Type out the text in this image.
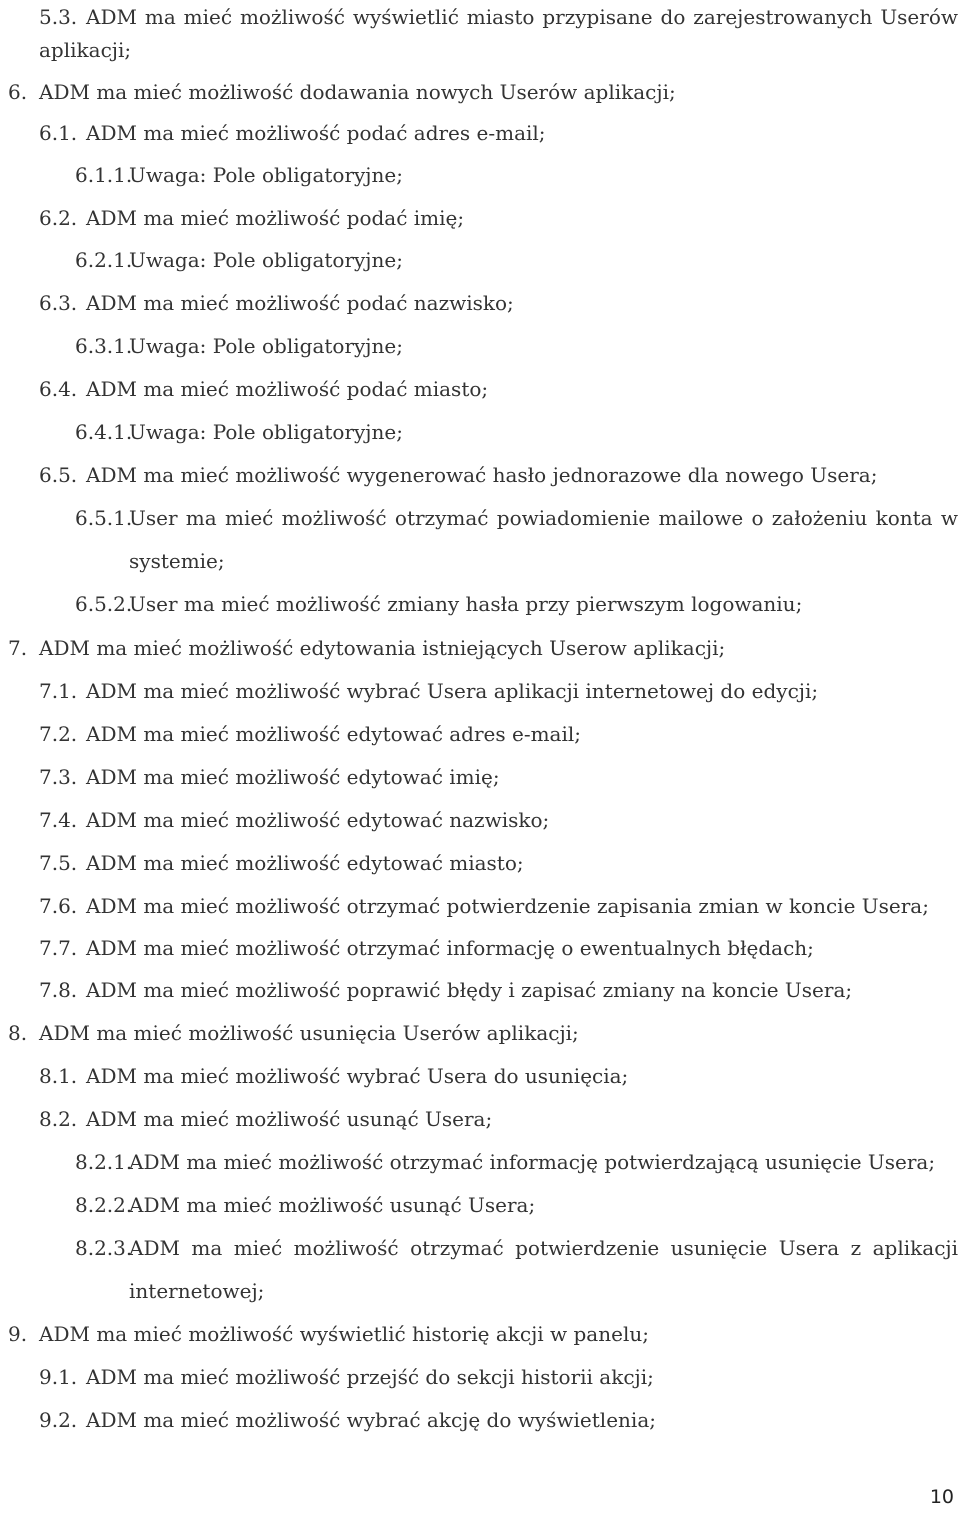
5.3. ADM ma mieć możliwość wyświetlić miasto przypisane do zarejestrowanych Userów
aplikacji;
6. ADM ma mieć możliwość dodawania nowych Userów aplikacji;
6.1. ADM ma mieć możliwość podać adres e-mail;
6.1.1.
Uwaga: Pole obligatoryjne;
6.2. ADM ma mieć możliwość podać imię;
6.2.1.
Uwaga: Pole obligatoryjne;
6.3. ADM ma mieć możliwość podać nazwisko;
6.3.1.
Uwaga: Pole obligatoryjne;
6.4. ADM ma mieć możliwość podać miasto;
6.4.1.
Uwaga: Pole obligatoryjne;
6.5. ADM ma mieć możliwość wygenerować hasło jednorazowe dla nowego Usera;
6.5.1.
User ma mieć możliwość otrzymać powiadomienie mailowe o założeniu konta w
systemie;
6.5.2.
User ma mieć możliwość zmiany hasła przy pierwszym logowaniu;
7. ADM ma mieć możliwość edytowania istniejących Userow aplikacji;
7.1. ADM ma mieć możliwość wybrać Usera aplikacji internetowej do edycji;
7.2. ADM ma mieć możliwość edytować adres e-mail;
7.3. ADM ma mieć możliwość edytować imię;
7.4. ADM ma mieć możliwość edytować nazwisko;
7.5. ADM ma mieć możliwość edytować miasto;
7.6. ADM ma mieć możliwość otrzymać potwierdzenie zapisania zmian w koncie Usera;
7.7. ADM ma mieć możliwość otrzymać informację o ewentualnych błędach;
7.8. ADM ma mieć możliwość poprawić błędy i zapisać zmiany na koncie Usera;
8. ADM ma mieć możliwość usunięcia Userów aplikacji;
8.1. ADM ma mieć możliwość wybrać Usera do usunięcia;
8.2. ADM ma mieć możliwość usunąć Usera;
8.2.1.
ADM ma mieć możliwość otrzymać informację potwierdzającą usunięcie Usera;
8.2.2.
ADM ma mieć możliwość usunąć Usera;
8.2.3.
ADM ma mieć możliwość otrzymać potwierdzenie usunięcie Usera z aplikacji
internetowej;
9. ADM ma mieć możliwość wyświetlić historię akcji w panelu;
9.1. ADM ma mieć możliwość przejść do sekcji historii akcji;
9.2. ADM ma mieć możliwość wybrać akcję do wyświetlenia;
10
